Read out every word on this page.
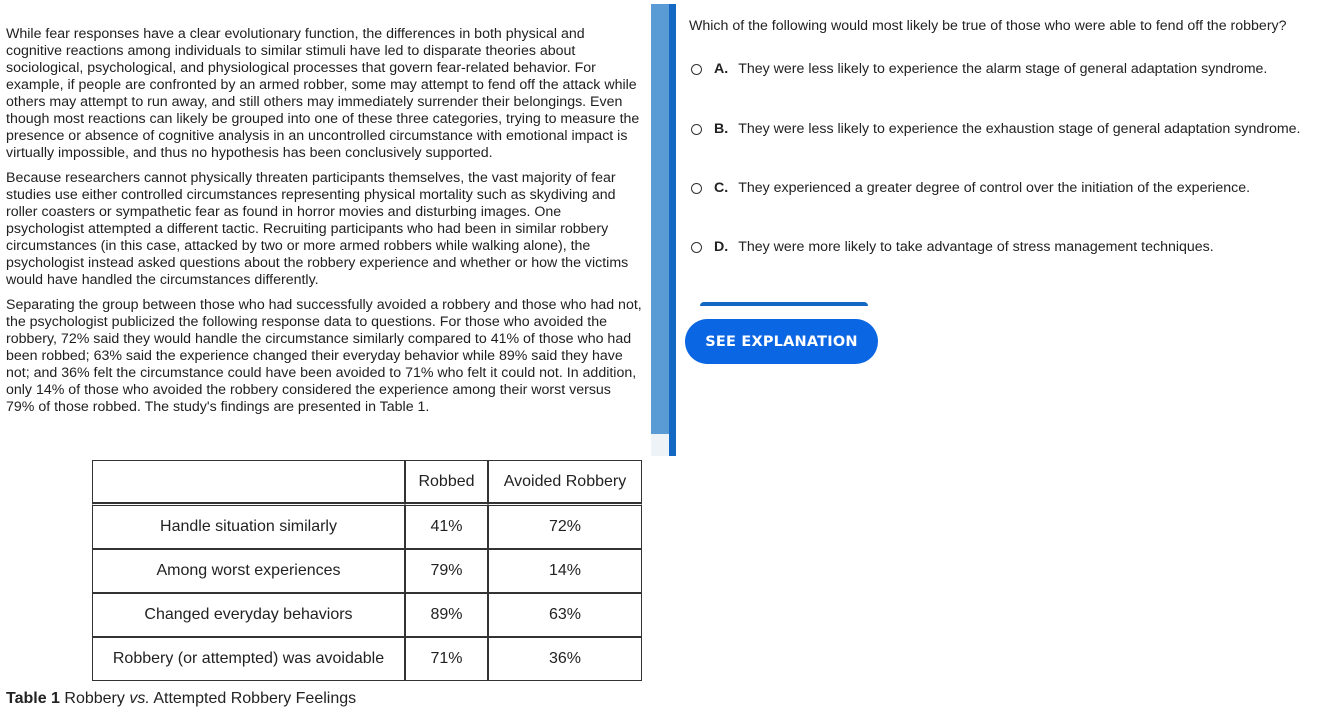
While fear responses have a clear evolutionary function, the differences in both physical and cognitive reactions among individuals to similar stimuli have led to disparate theories about sociological, psychological, and physiological processes that govern fear-related behavior. For example, if people are confronted by an armed robber, some may attempt to fend off the attack while others may attempt to run away, and still others may immediately surrender their belongings. Even though most reactions can likely be grouped into one of these three categories, trying to measure the presence or absence of cognitive analysis in an uncontrolled circumstance with emotional impact is virtually impossible, and thus no hypothesis has been conclusively supported.

Because researchers cannot physically threaten participants themselves, the vast majority of fear studies use either controlled circumstances representing physical mortality such as skydiving and roller coasters or sympathetic fear as found in horror movies and disturbing images. One psychologist attempted a different tactic. Recruiting participants who had been in similar robbery circumstances (in this case, attacked by two or more armed robbers while walking alone), the psychologist instead asked questions about the robbery experience and whether or how the victims would have handled the circumstances differently.

Separating the group between those who had successfully avoided a robbery and those who had not, the psychologist publicized the following response data to questions. For those who avoided the robbery, 72% said they would handle the circumstance similarly compared to 41% of those who had been robbed; 63% said the experience changed their everyday behavior while 89% said they have not; and 36% felt the circumstance could have been avoided to 71% who felt it could not. In addition, only 14% of those who avoided the robbery considered the experience among their worst versus 79% of those robbed. The study's findings are presented in Table 1.

	Robbed	Avoided Robbery
Handle situation similarly	41%	72%
Among worst experiences	79%	14%
Changed everyday behaviors	89%	63%
Robbery (or attempted) was avoidable	71%	36%
Table 1 Robbery vs. Attempted Robbery Feelings
Which of the following would most likely be true of those who were able to fend off the robbery?
A. They were less likely to experience the alarm stage of general adaptation syndrome.
B. They were less likely to experience the exhaustion stage of general adaptation syndrome.
C. They experienced a greater degree of control over the initiation of the experience.
D. They were more likely to take advantage of stress management techniques.
SEE EXPLANATION
